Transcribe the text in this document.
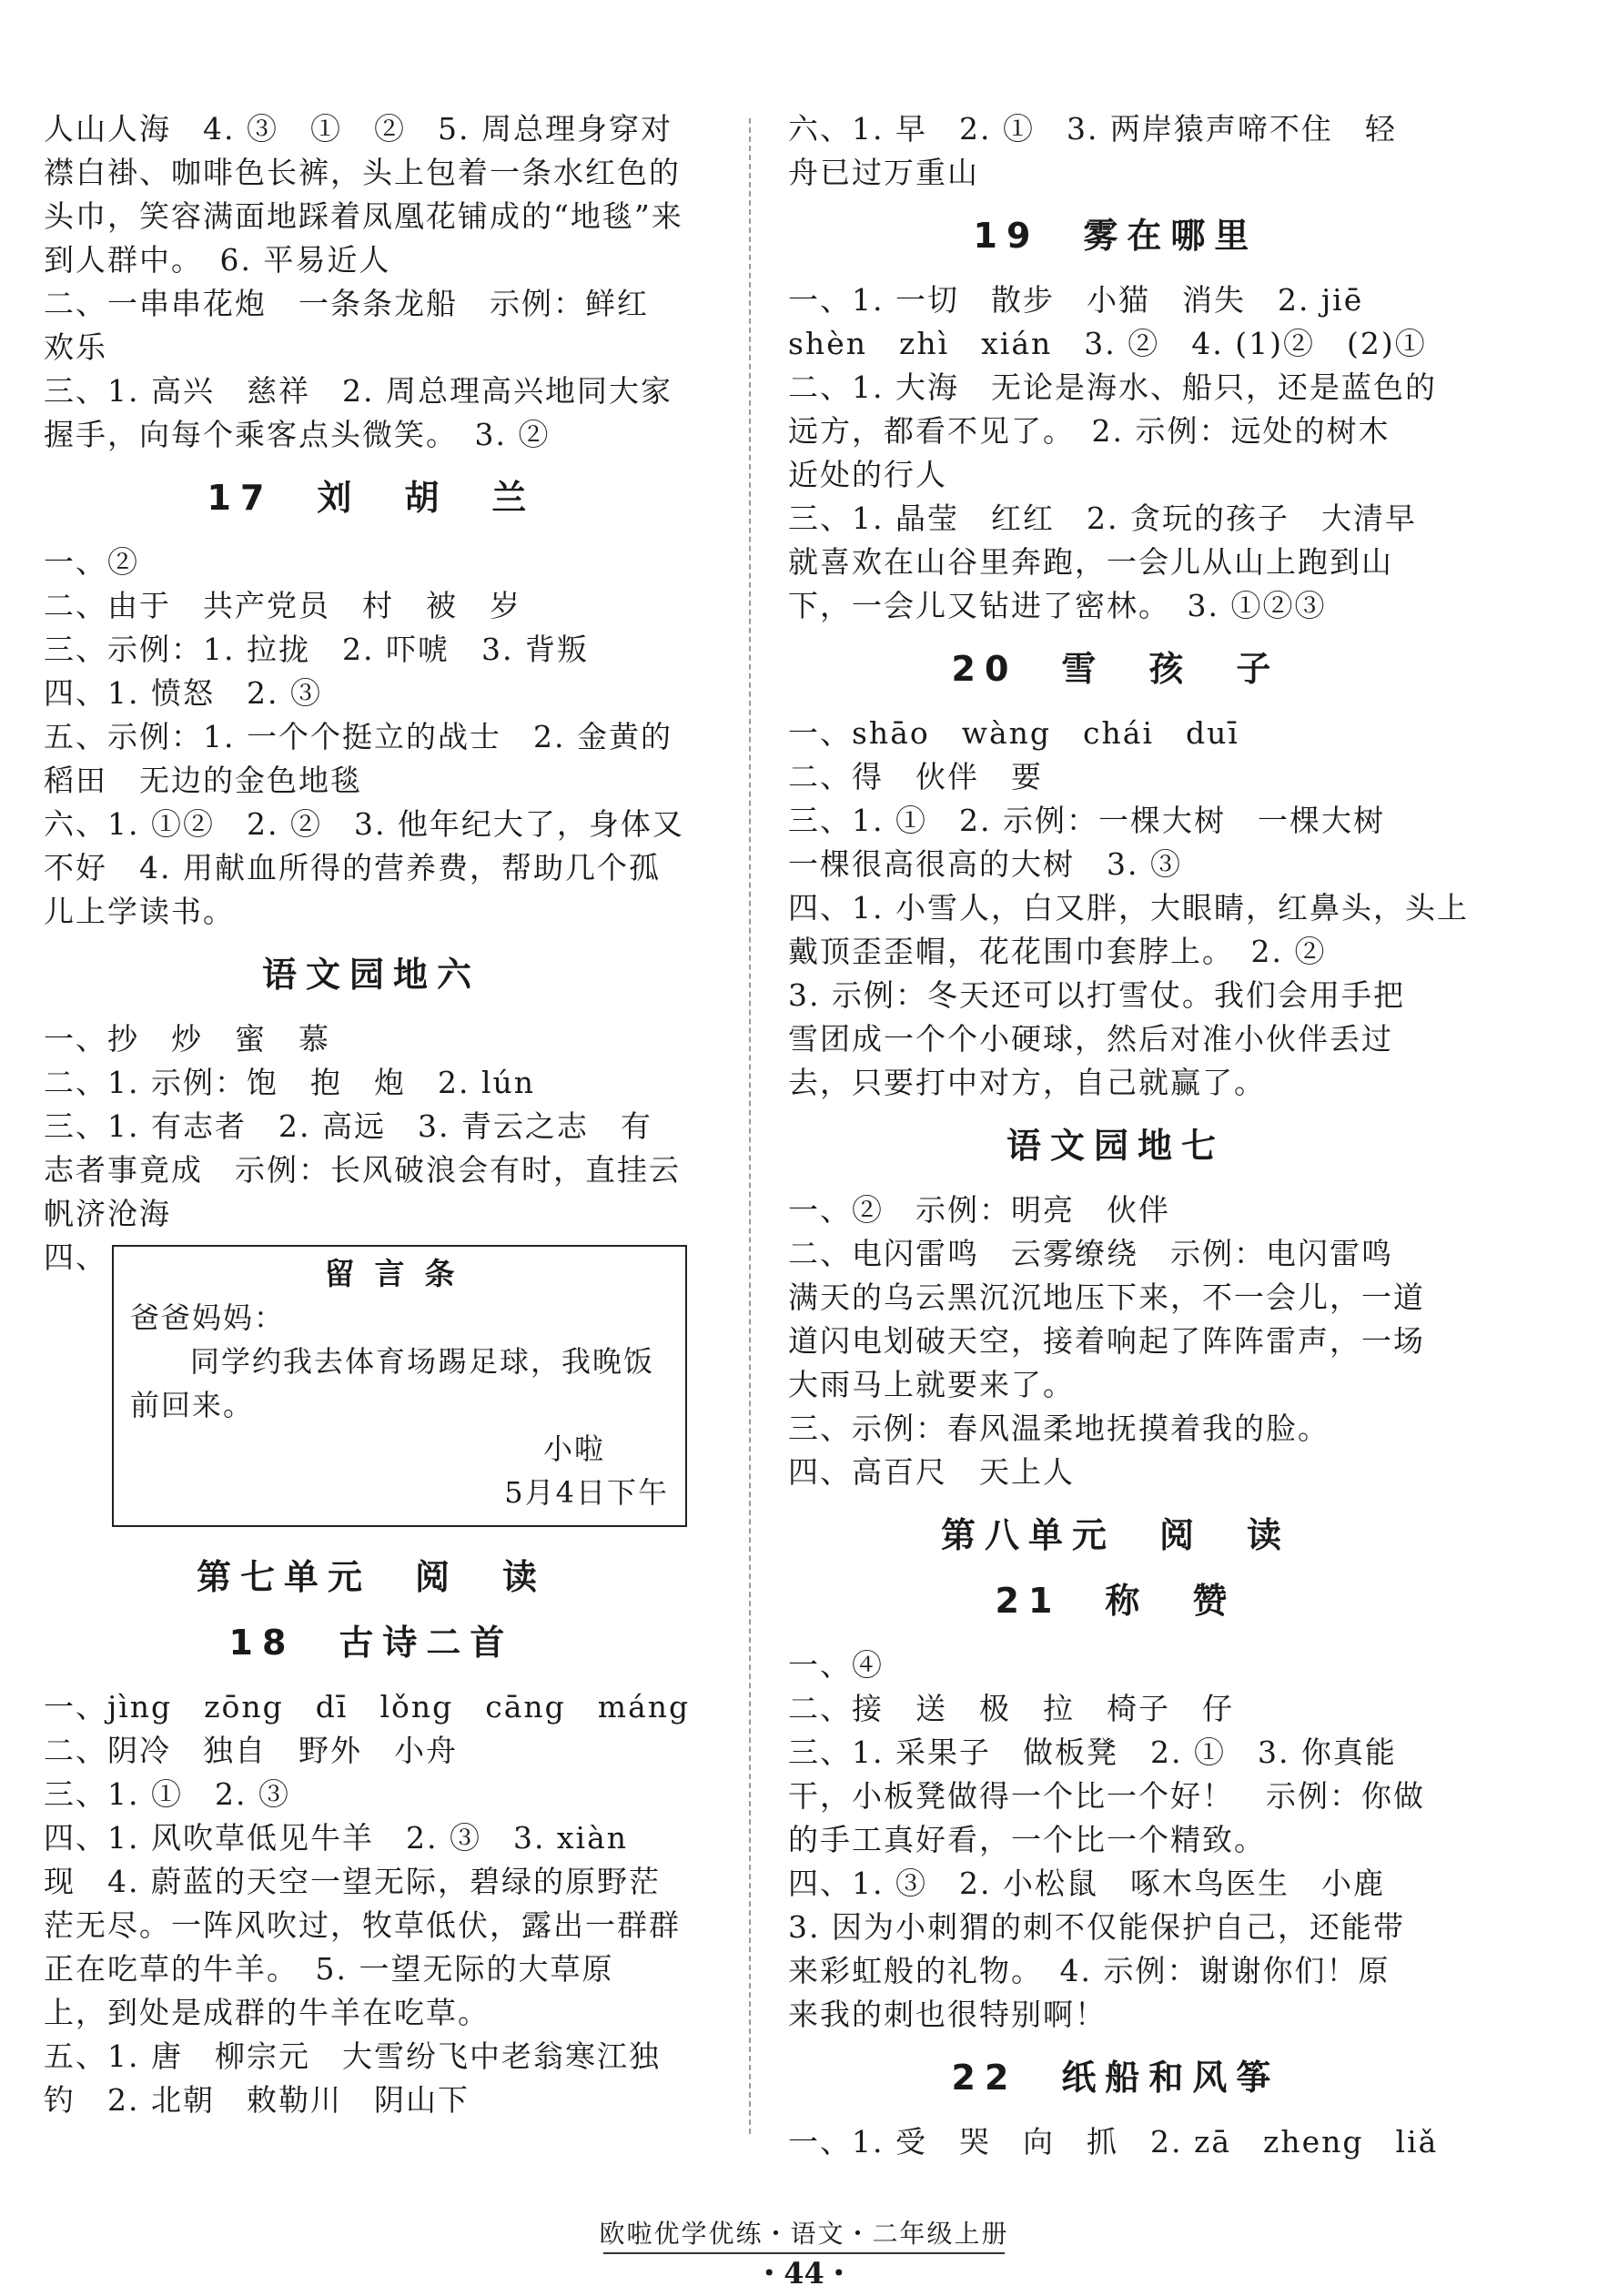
人山人海　4. ③　①　②　5. 周总理身穿对

襟白褂、咖啡色长裤，头上包着一条水红色的

头巾，笑容满面地踩着凤凰花铺成的“地毯”来

到人群中。　6. 平易近人

二、一串串花炮　一条条龙船　示例：鲜红

欢乐

三、1. 高兴　慈祥　2. 周总理高兴地同大家

握手，向每个乘客点头微笑。　3. ②

17　刘　胡　兰

一、②

二、由于　共产党员　村　被　岁

三、示例：1. 拉拢　2. 吓唬　3. 背叛

四、1. 愤怒　2. ③

五、示例：1. 一个个挺立的战士　2. 金黄的

稻田　无边的金色地毯

六、1. ①②　2. ②　3. 他年纪大了，身体又

不好　4. 用献血所得的营养费，帮助几个孤

儿上学读书。

语文园地六

一、抄　炒　蜜　慕

二、1. 示例：饱　抱　炮　2. lún

三、1. 有志者　2. 高远　3. 青云之志　有

志者事竟成　示例：长风破浪会有时，直挂云

帆济沧海

四、	留言条
爸爸妈妈：
同学约我去体育场踢足球，我晚饭
前回来。
小啦
5月4日下午
第七单元　阅　读
18　古诗二首

一、jìng　zōng　dī　lǒng　cāng　máng

二、阴冷　独自　野外　小舟

三、1. ①　2. ③

四、1. 风吹草低见牛羊　2. ③　3. xiàn

现　4. 蔚蓝的天空一望无际，碧绿的原野茫

茫无尽。一阵风吹过，牧草低伏，露出一群群

正在吃草的牛羊。　5. 一望无际的大草原

上，到处是成群的牛羊在吃草。

五、1. 唐　柳宗元　大雪纷飞中老翁寒江独

钓　2. 北朝　敕勒川　阴山下

六、1. 早　2. ①　3. 两岸猿声啼不住　轻

舟已过万重山

19　雾在哪里

一、1. 一切　散步　小猫　消失　2. jiē

shèn　zhì　xián　3. ②　4. (1)②　(2)①

二、1. 大海　无论是海水、船只，还是蓝色的

远方，都看不见了。　2. 示例：远处的树木

近处的行人

三、1. 晶莹　红红　2. 贪玩的孩子　大清早

就喜欢在山谷里奔跑，一会儿从山上跑到山

下，一会儿又钻进了密林。　3. ①②③

20　雪　孩　子

一、shāo　wàng　chái　duī

二、得　伙伴　要

三、1. ①　2. 示例：一棵大树　一棵大树

一棵很高很高的大树　3. ③

四、1. 小雪人，白又胖，大眼睛，红鼻头，头上

戴顶歪歪帽，花花围巾套脖上。　2. ②

3. 示例：冬天还可以打雪仗。我们会用手把

雪团成一个个小硬球，然后对准小伙伴丢过

去，只要打中对方，自己就赢了。

语文园地七

一、②　示例：明亮　伙伴

二、电闪雷鸣　云雾缭绕　示例：电闪雷鸣

满天的乌云黑沉沉地压下来，不一会儿，一道

道闪电划破天空，接着响起了阵阵雷声，一场

大雨马上就要来了。

三、示例：春风温柔地抚摸着我的脸。

四、高百尺　天上人

第八单元　阅　读
21　称　赞

一、④

二、接　送　极　拉　椅子　仔

三、1. 采果子　做板凳　2. ①　3. 你真能

干，小板凳做得一个比一个好！　示例：你做

的手工真好看，一个比一个精致。

四、1. ③　2. 小松鼠　啄木鸟医生　小鹿

3. 因为小刺猬的刺不仅能保护自己，还能带

来彩虹般的礼物。　4. 示例：谢谢你们！原

来我的刺也很特别啊！

22　纸船和风筝

一、1. 受　哭　向　抓　2. zā　zheng　liǎ

欧啦优学优练・语文・二年级上册
・44・
